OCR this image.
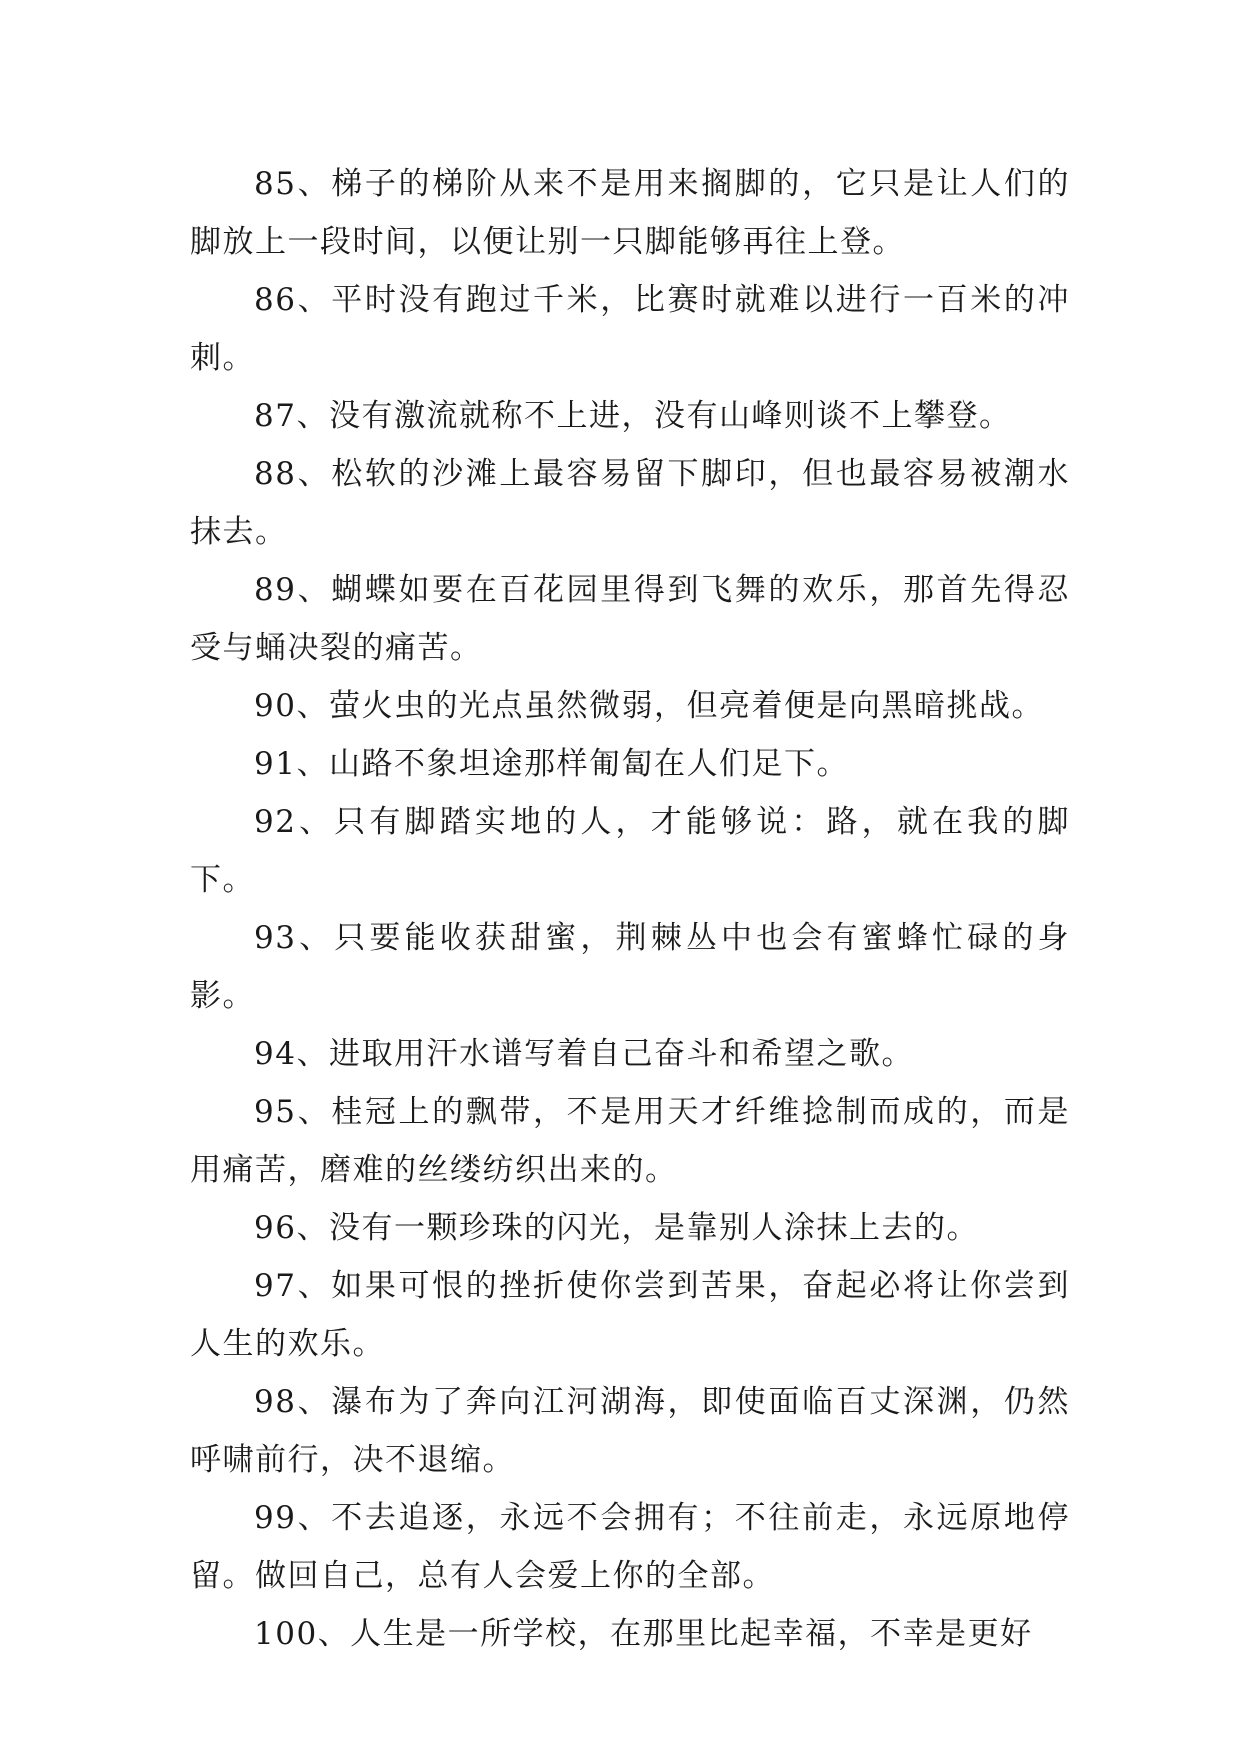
85、梯子的梯阶从来不是用来搁脚的，它只是让人们的脚放上一段时间，以便让别一只脚能够再往上登。

86、平时没有跑过千米，比赛时就难以进行一百米的冲刺。

87、没有激流就称不上进，没有山峰则谈不上攀登。

88、松软的沙滩上最容易留下脚印，但也最容易被潮水抹去。

89、蝴蝶如要在百花园里得到飞舞的欢乐，那首先得忍受与蛹决裂的痛苦。

90、萤火虫的光点虽然微弱，但亮着便是向黑暗挑战。

91、山路不象坦途那样匍匐在人们足下。

92、只有脚踏实地的人，才能够说：路，就在我的脚下。

93、只要能收获甜蜜，荆棘丛中也会有蜜蜂忙碌的身影。

94、进取用汗水谱写着自己奋斗和希望之歌。

95、桂冠上的飘带，不是用天才纤维捻制而成的，而是用痛苦，磨难的丝缕纺织出来的。

96、没有一颗珍珠的闪光，是靠别人涂抹上去的。

97、如果可恨的挫折使你尝到苦果，奋起必将让你尝到人生的欢乐。

98、瀑布为了奔向江河湖海，即使面临百丈深渊，仍然呼啸前行，决不退缩。

99、不去追逐，永远不会拥有；不往前走，永远原地停留。做回自己，总有人会爱上你的全部。

100、人生是一所学校，在那里比起幸福，不幸是更好
